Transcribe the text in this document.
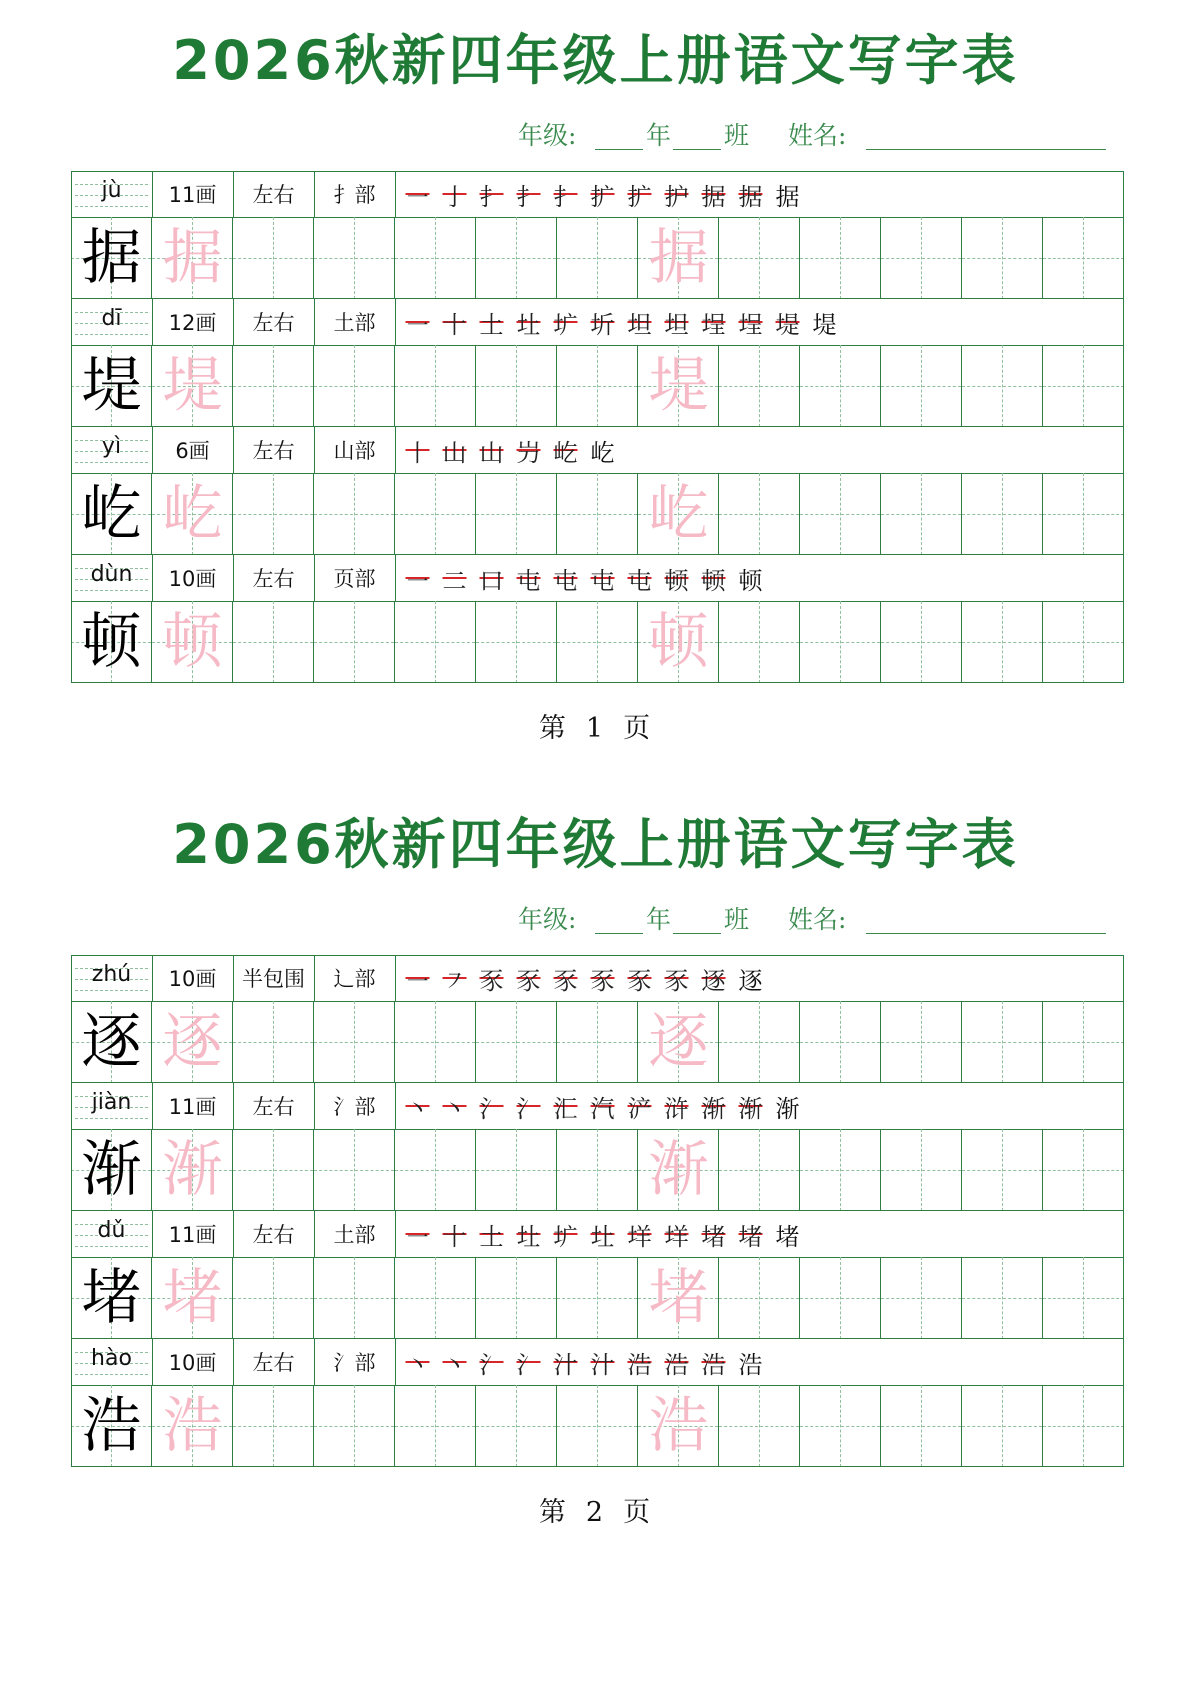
2026秋新四年级上册语文写字表
年级:	年 班 姓名:
jù	11画	左右	扌部	㇐ 亅 扌 扌 扌 扩 扩 护 据 据 据
据 据	据
dī	12画	左右	土部	㇐ 十 土 圵 圹 圻 坦 坦 埕 埕 堤 堤
堤 堤	堤
yì	6画	左右	山部	丨 山 山 屶 屹 屹
屹 屹	屹
dùn	10画	左右	页部	㇐ 二 口 屯 屯 屯 屯 顿 顿 顿
顿 顿	顿
第 1 页
2026秋新四年级上册语文写字表
年级:	年 班 姓名:
zhú	10画	半包围	辶部	㇐ ㇇ 豕 豕 豕 豕 豕 豕 逐 逐
逐 逐	逐
jiàn	11画	左右	氵部	丶 丶 氵 氵 汇 汽 浐 浒 渐 渐 渐
渐 渐	渐
dǔ	11画	左右	土部	㇐ 十 土 圵 圹 圵 垟 垟 堵 堵 堵
堵 堵	堵
hào	10画	左右	氵部	丶 丶 氵 氵 汁 汁 浩 浩 浩 浩
浩 浩	浩
第 2 页
